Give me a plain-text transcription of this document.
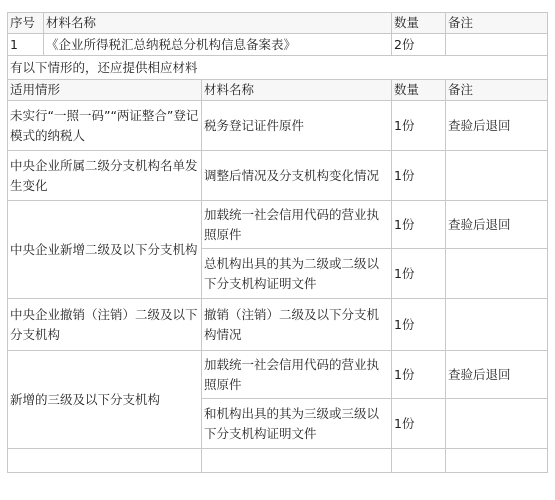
序号	材料名称		数量	备注
1	《企业所得税汇总纳税总分机构信息备案表》		2份	
有以下情形的，还应提供相应材料				
适用情形		材料名称	数量	备注
未实行“一照一码”“两证整合”登记模式的纳税人		税务登记证件原件	1份	查验后退回
中央企业所属二级分支机构名单发生变化		调整后情况及分支机构变化情况	1份	
中央企业新增二级及以下分支机构		加载统一社会信用代码的营业执照原件	1份	查验后退回
		总机构出具的其为二级或二级以下分支机构证明文件	1份	
中央企业撤销（注销）二级及以下分支机构		撤销（注销）二级及以下分支机构情况	1份	
新增的三级及以下分支机构		加载统一社会信用代码的营业执照原件	1份	查验后退回
		和机构出具的其为三级或三级以下分支机构证明文件	1份	
